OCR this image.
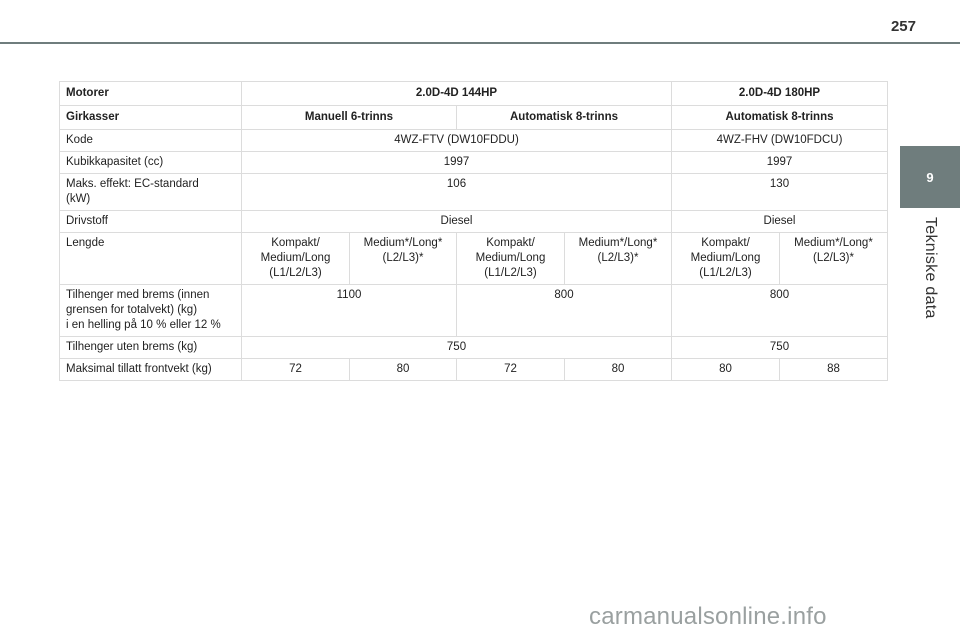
257
9
Tekniske data
Motorer	2.0D-4D 144HP				2.0D-4D 180HP	
Girkasser	Manuell 6-trinns		Automatisk 8-trinns		Automatisk 8-trinns	
Kode	4WZ-FTV (DW10FDDU)				4WZ-FHV (DW10FDCU)	
Kubikkapasitet (cc)	1997				1997	
Maks. effekt: EC-standard
(kW)	106				130	
Drivstoff	Diesel				Diesel	
Lengde	Kompakt/
Medium/Long
(L1/L2/L3)	Medium*/Long*
(L2/L3)*	Kompakt/
Medium/Long
(L1/L2/L3)	Medium*/Long*
(L2/L3)*	Kompakt/
Medium/Long
(L1/L2/L3)	Medium*/Long*
(L2/L3)*
Tilhenger med brems (innen
grensen for totalvekt) (kg)
i en helling på 10 % eller 12 %	1100		800		800	
Tilhenger uten brems (kg)	750				750	
Maksimal tillatt frontvekt (kg)	72	80	72	80	80	88
carmanualsonline.info
